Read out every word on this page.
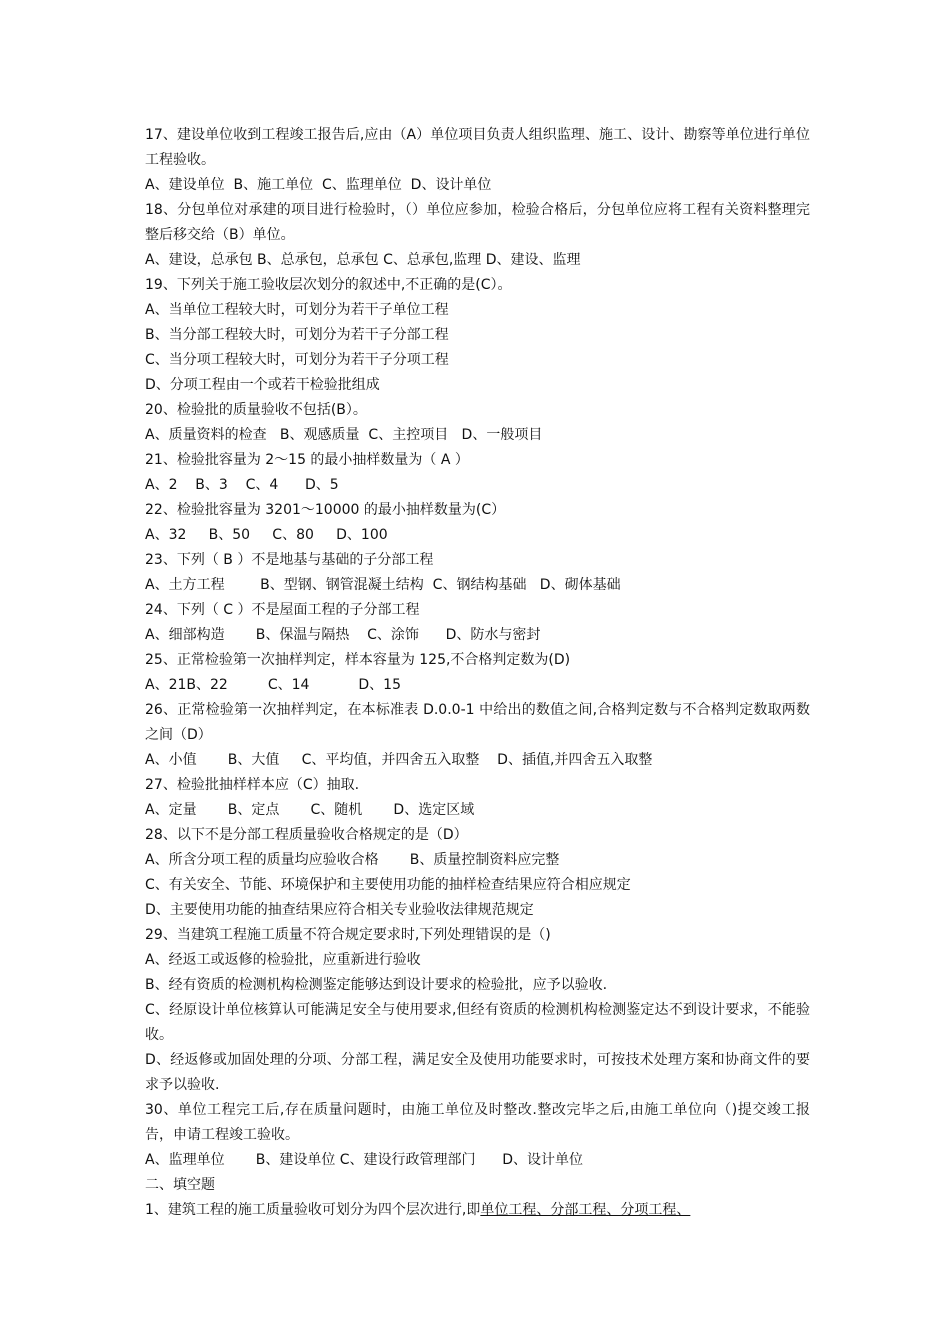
17、建设单位收到工程竣工报告后,应由（A）单位项目负责人组织监理、施工、设计、勘察等单位进行单位工程验收。

A、建设单位  B、施工单位  C、监理单位  D、设计单位

18、分包单位对承建的项目进行检验时，（）单位应参加，检验合格后，分包单位应将工程有关资料整理完整后移交给（B）单位。

A、建设，总承包 B、总承包，总承包 C、总承包,监理 D、建设、监理

19、下列关于施工验收层次划分的叙述中,不正确的是(C）。

A、当单位工程较大时，可划分为若干子单位工程

B、当分部工程较大时，可划分为若干子分部工程

C、当分项工程较大时，可划分为若干子分项工程

D、分项工程由一个或若干检验批组成

20、检验批的质量验收不包括(B）。

A、质量资料的检查   B、观感质量  C、主控项目   D、一般项目

21、检验批容量为 2～15 的最小抽样数量为（ A ）

A、2    B、3    C、4      D、5

22、检验批容量为 3201～10000 的最小抽样数量为(C）

A、32     B、50     C、80     D、100

23、下列（ B ）不是地基与基础的子分部工程

A、土方工程        B、型钢、钢管混凝土结构  C、钢结构基础   D、砌体基础

24、下列（ C ）不是屋面工程的子分部工程

A、细部构造       B、保温与隔热    C、涂饰      D、防水与密封

25、正常检验第一次抽样判定，样本容量为 125,不合格判定数为(D)

A、21B、22         C、14           D、15

26、正常检验第一次抽样判定，在本标准表 D.0.0-1 中给出的数值之间,合格判定数与不合格判定数取两数之间（D）

A、小值       B、大值     C、平均值，并四舍五入取整    D、插值,并四舍五入取整

27、检验批抽样样本应（C）抽取.

A、定量       B、定点       C、随机       D、选定区域

28、以下不是分部工程质量验收合格规定的是（D）

A、所含分项工程的质量均应验收合格       B、质量控制资料应完整

C、有关安全、节能、环境保护和主要使用功能的抽样检查结果应符合相应规定

D、主要使用功能的抽查结果应符合相关专业验收法律规范规定

29、当建筑工程施工质量不符合规定要求时,下列处理错误的是（)

A、经返工或返修的检验批，应重新进行验收

B、经有资质的检测机构检测鉴定能够达到设计要求的检验批，应予以验收.

C、经原设计单位核算认可能满足安全与使用要求,但经有资质的检测机构检测鉴定达不到设计要求，不能验收。

D、经返修或加固处理的分项、分部工程，满足安全及使用功能要求时，可按技术处理方案和协商文件的要求予以验收.

30、单位工程完工后,存在质量问题时，由施工单位及时整改.整改完毕之后,由施工单位向（)提交竣工报告，申请工程竣工验收。

A、监理单位       B、建设单位 C、建设行政管理部门      D、设计单位

二、填空题

1、建筑工程的施工质量验收可划分为四个层次进行,即单位工程、分部工程、分项工程、
